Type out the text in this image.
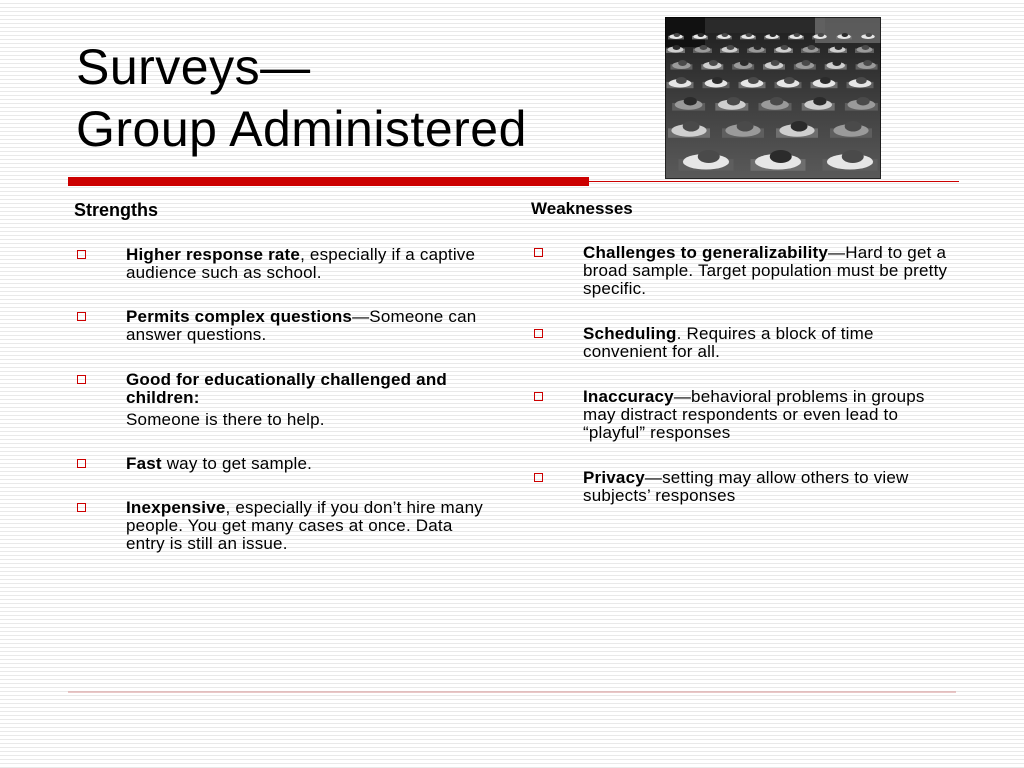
Surveys—
Group Administered

Strengths

Higher response rate, especially if a captive audience such as school.
Permits complex questions—Someone can answer questions.
Good for educationally challenged and children:
Someone is there to help.
Fast way to get sample.
Inexpensive, especially if you don’t hire many people. You get many cases at once. Data entry is still an issue.

Weaknesses

Challenges to generalizability—Hard to get a broad sample. Target population must be pretty specific.
Scheduling. Requires a block of time convenient for all.
Inaccuracy—behavioral problems in groups may distract respondents or even lead to “playful” responses
Privacy—setting may allow others to view subjects’ responses
